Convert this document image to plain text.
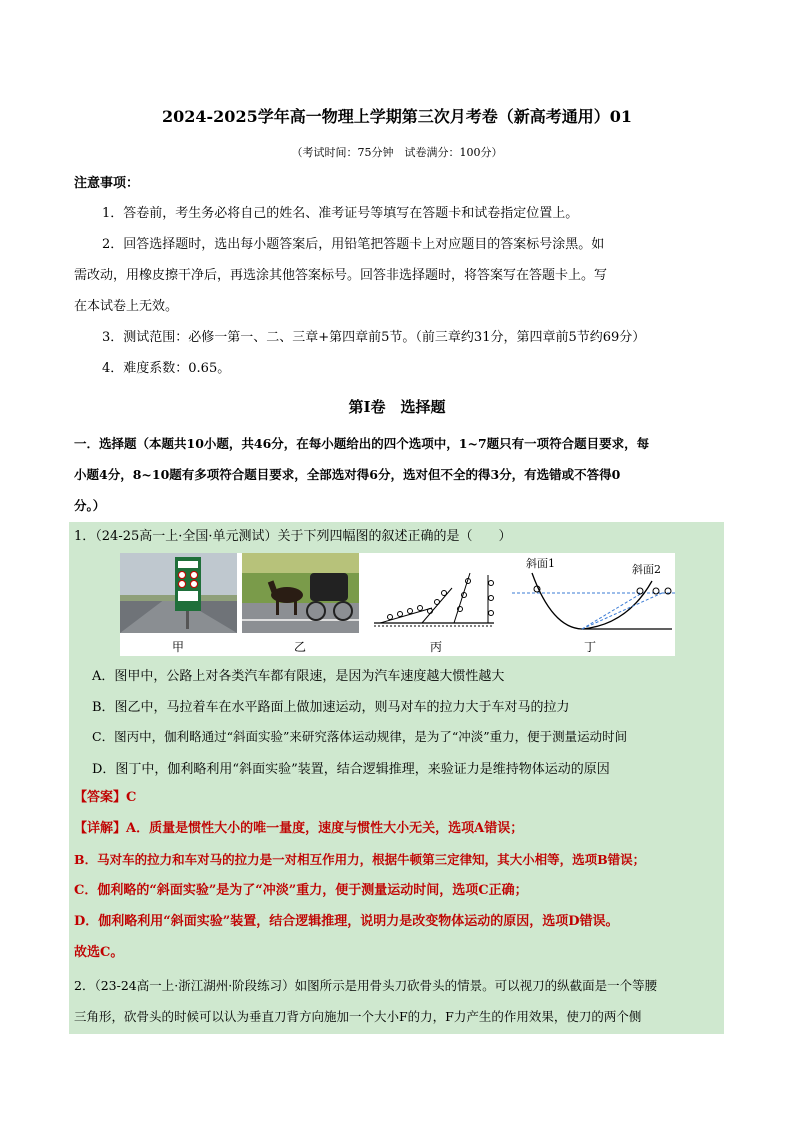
2024-2025学年高一物理上学期第三次月考卷（新高考通用）01
（考试时间：75分钟　试卷满分：100分）
注意事项：
1．答卷前，考生务必将自己的姓名、准考证号等填写在答题卡和试卷指定位置上。
2．回答选择题时，选出每小题答案后，用铅笔把答题卡上对应题目的答案标号涂黑。如
需改动，用橡皮擦干净后，再选涂其他答案标号。回答非选择题时，将答案写在答题卡上。写
在本试卷上无效。
3．测试范围：必修一第一、二、三章+第四章前5节。（前三章约31分，第四章前5节约69分）
4．难度系数：0.65。
第Ⅰ卷　选择题
一．选择题（本题共10小题，共46分，在每小题给出的四个选项中，1~7题只有一项符合题目要求，每
小题4分，8~10题有多项符合题目要求，全部选对得6分，选对但不全的得3分，有选错或不答得0
分。）
1．（24-25高一上·全国·单元测试）关于下列四幅图的叙述正确的是（　　）
甲	乙	丙
斜面1	斜面2
丁
A．图甲中，公路上对各类汽车都有限速，是因为汽车速度越大惯性越大
B．图乙中，马拉着车在水平路面上做加速运动，则马对车的拉力大于车对马的拉力
C．图丙中，伽利略通过“斜面实验”来研究落体运动规律，是为了“冲淡”重力，便于测量运动时间
D．图丁中，伽利略利用“斜面实验”装置，结合逻辑推理，来验证力是维持物体运动的原因
【答案】C
【详解】A．质量是惯性大小的唯一量度，速度与惯性大小无关，选项A错误；
B．马对车的拉力和车对马的拉力是一对相互作用力，根据牛顿第三定律知，其大小相等，选项B错误；
C．伽利略的“斜面实验”是为了“冲淡”重力，便于测量运动时间，选项C正确；
D．伽利略利用“斜面实验”装置，结合逻辑推理，说明力是改变物体运动的原因，选项D错误。
故选C。
2．（23-24高一上·浙江湖州·阶段练习）如图所示是用骨头刀砍骨头的情景。可以视刀的纵截面是一个等腰
三角形，砍骨头的时候可以认为垂直刀背方向施加一个大小F的力，F力产生的作用效果，使刀的两个侧
